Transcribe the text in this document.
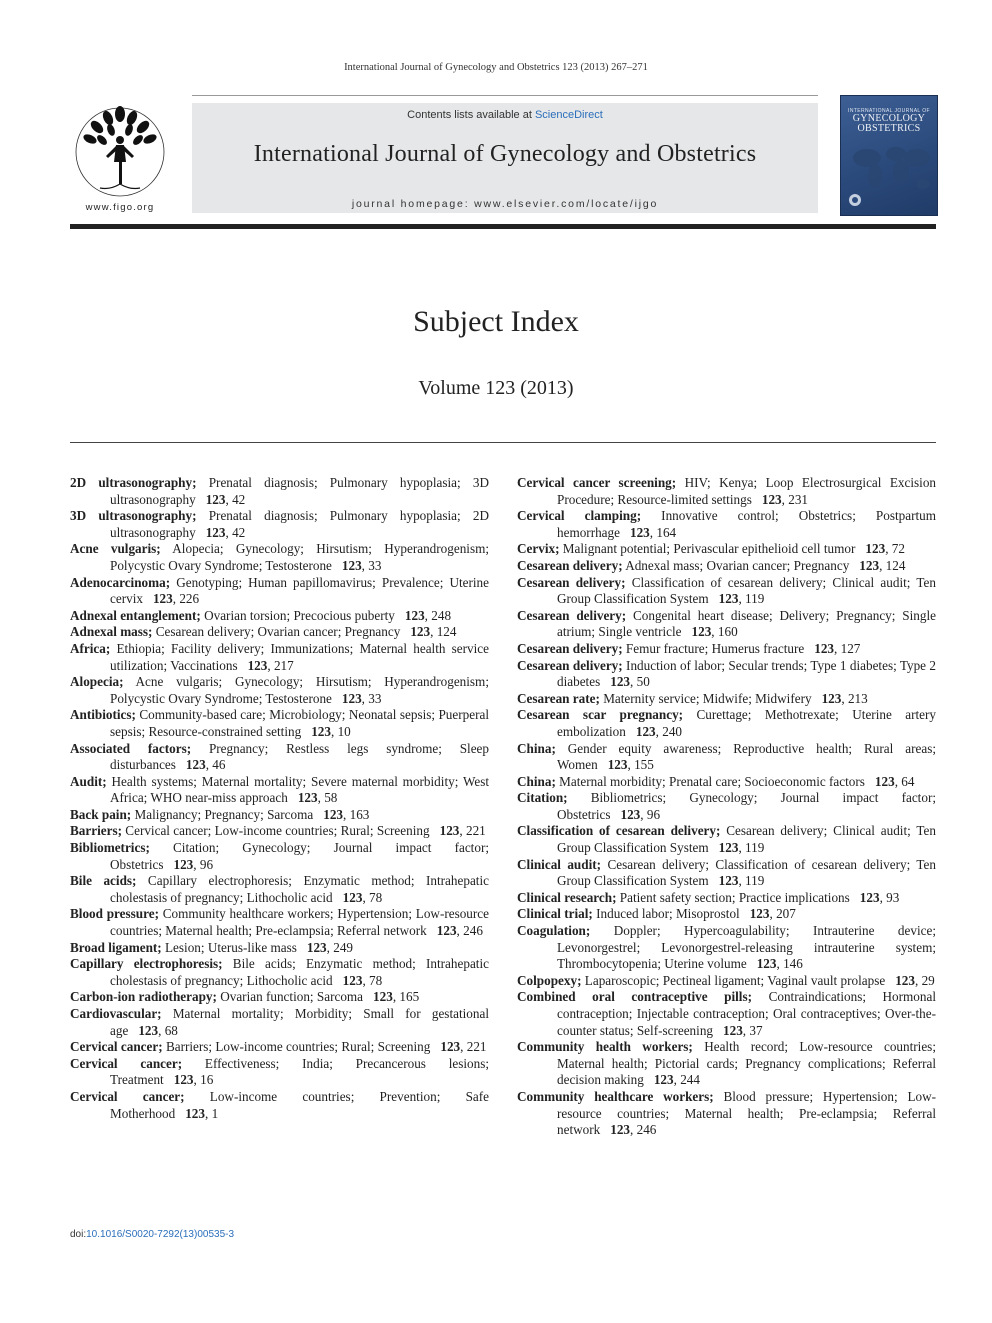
International Journal of Gynecology and Obstetrics 123 (2013) 267–271
www.figo.org
Contents lists available at ScienceDirect
International Journal of Gynecology and Obstetrics
journal homepage: www.elsevier.com/locate/ijgo
INTERNATIONAL JOURNAL OF
GYNECOLOGY
OBSTETRICS
Subject Index
Volume 123 (2013)
2D ultrasonography; Prenatal diagnosis; Pulmonary hypoplasia; 3D ultrasonography 123, 42
3D ultrasonography; Prenatal diagnosis; Pulmonary hypoplasia; 2D ultrasonography 123, 42
Acne vulgaris; Alopecia; Gynecology; Hirsutism; Hyperandrogenism; Polycystic Ovary Syndrome; Testosterone 123, 33
Adenocarcinoma; Genotyping; Human papillomavirus; Prevalence; Uterine cervix 123, 226
Adnexal entanglement; Ovarian torsion; Precocious puberty 123, 248
Adnexal mass; Cesarean delivery; Ovarian cancer; Pregnancy 123, 124
Africa; Ethiopia; Facility delivery; Immunizations; Maternal health service utilization; Vaccinations 123, 217
Alopecia; Acne vulgaris; Gynecology; Hirsutism; Hyperandrogenism; Polycystic Ovary Syndrome; Testosterone 123, 33
Antibiotics; Community-based care; Microbiology; Neonatal sepsis; Puerperal sepsis; Resource-constrained setting 123, 10
Associated factors; Pregnancy; Restless legs syndrome; Sleep disturbances 123, 46
Audit; Health systems; Maternal mortality; Severe maternal morbidity; West Africa; WHO near-miss approach 123, 58
Back pain; Malignancy; Pregnancy; Sarcoma 123, 163
Barriers; Cervical cancer; Low-income countries; Rural; Screening 123, 221
Bibliometrics; Citation; Gynecology; Journal impact factor; Obstetrics 123, 96
Bile acids; Capillary electrophoresis; Enzymatic method; Intrahepatic cholestasis of pregnancy; Lithocholic acid 123, 78
Blood pressure; Community healthcare workers; Hypertension; Low-resource countries; Maternal health; Pre-eclampsia; Referral network 123, 246
Broad ligament; Lesion; Uterus-like mass 123, 249
Capillary electrophoresis; Bile acids; Enzymatic method; Intrahepatic cholestasis of pregnancy; Lithocholic acid 123, 78
Carbon-ion radiotherapy; Ovarian function; Sarcoma 123, 165
Cardiovascular; Maternal mortality; Morbidity; Small for gestational age 123, 68
Cervical cancer; Barriers; Low-income countries; Rural; Screening 123, 221
Cervical cancer; Effectiveness; India; Precancerous lesions; Treatment 123, 16
Cervical cancer; Low-income countries; Prevention; Safe Motherhood 123, 1
Cervical cancer screening; HIV; Kenya; Loop Electrosurgical Excision Procedure; Resource-limited settings 123, 231
Cervical clamping; Innovative control; Obstetrics; Postpartum hemorrhage 123, 164
Cervix; Malignant potential; Perivascular epithelioid cell tumor 123, 72
Cesarean delivery; Adnexal mass; Ovarian cancer; Pregnancy 123, 124
Cesarean delivery; Classification of cesarean delivery; Clinical audit; Ten Group Classification System 123, 119
Cesarean delivery; Congenital heart disease; Delivery; Pregnancy; Single atrium; Single ventricle 123, 160
Cesarean delivery; Femur fracture; Humerus fracture 123, 127
Cesarean delivery; Induction of labor; Secular trends; Type 1 diabetes; Type 2 diabetes 123, 50
Cesarean rate; Maternity service; Midwife; Midwifery 123, 213
Cesarean scar pregnancy; Curettage; Methotrexate; Uterine artery embolization 123, 240
China; Gender equity awareness; Reproductive health; Rural areas; Women 123, 155
China; Maternal morbidity; Prenatal care; Socioeconomic factors 123, 64
Citation; Bibliometrics; Gynecology; Journal impact factor; Obstetrics 123, 96
Classification of cesarean delivery; Cesarean delivery; Clinical audit; Ten Group Classification System 123, 119
Clinical audit; Cesarean delivery; Classification of cesarean delivery; Ten Group Classification System 123, 119
Clinical research; Patient safety section; Practice implications 123, 93
Clinical trial; Induced labor; Misoprostol 123, 207
Coagulation; Doppler; Hypercoagulability; Intrauterine device; Levonorgestrel; Levonorgestrel-releasing intrauterine system; Thrombocytopenia; Uterine volume 123, 146
Colpopexy; Laparoscopic; Pectineal ligament; Vaginal vault prolapse 123, 29
Combined oral contraceptive pills; Contraindications; Hormonal contraception; Injectable contraception; Oral contraceptives; Over-the-counter status; Self-screening 123, 37
Community health workers; Health record; Low-resource countries; Maternal health; Pictorial cards; Pregnancy complications; Referral decision making 123, 244
Community healthcare workers; Blood pressure; Hypertension; Low-resource countries; Maternal health; Pre-eclampsia; Referral network 123, 246
doi:10.1016/S0020-7292(13)00535-3
